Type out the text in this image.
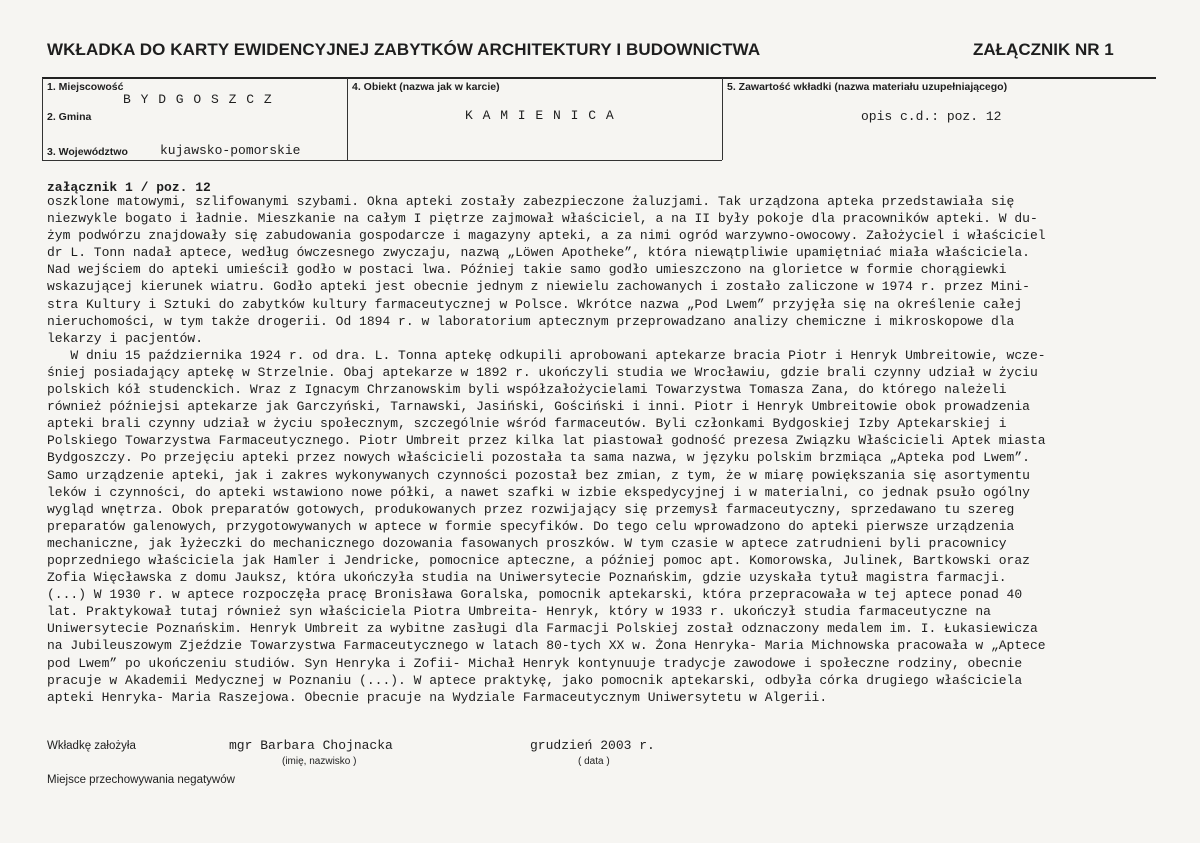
WKŁADKA DO KARTY EWIDENCYJNEJ ZABYTKÓW ARCHITEKTURY I BUDOWNICTWA	ZAŁĄCZNIK NR 1
1. Miejscowość
B Y D G O S Z C Z
2. Gmina
3. Województwo kujawsko-pomorskie
4. Obiekt (nazwa jak w karcie)
K A M I E N I C A
5. Zawartość wkładki (nazwa materiału uzupełniającego)
opis c.d.: poz. 12
załącznik 1 / poz. 12
oszklone matowymi, szlifowanymi szybami. Okna apteki zostały zabezpieczone żaluzjami. Tak urządzona apteka przedstawiała się
niezwykle bogato i ładnie. Mieszkanie na całym I piętrze zajmował właściciel, a na II były pokoje dla pracowników apteki. W du-
żym podwórzu znajdowały się zabudowania gospodarcze i magazyny apteki, a za nimi ogród warzywno-owocowy. Założyciel i właściciel
dr L. Tonn nadał aptece, według ówczesnego zwyczaju, nazwą „Löwen Apotheke”, która niewątpliwie upamiętniać miała właściciela.
Nad wejściem do apteki umieścił godło w postaci lwa. Później takie samo godło umieszczono na glorietce w formie chorągiewki
wskazującej kierunek wiatru. Godło apteki jest obecnie jednym z niewielu zachowanych i zostało zaliczone w 1974 r. przez Mini-
stra Kultury i Sztuki do zabytków kultury farmaceutycznej w Polsce. Wkrótce nazwa „Pod Lwem” przyjęła się na określenie całej
nieruchomości, w tym także drogerii. Od 1894 r. w laboratorium aptecznym przeprowadzano analizy chemiczne i mikroskopowe dla
lekarzy i pacjentów.
W dniu 15 października 1924 r. od dra. L. Tonna aptekę odkupili aprobowani aptekarze bracia Piotr i Henryk Umbreitowie, wcze-
śniej posiadający aptekę w Strzelnie. Obaj aptekarze w 1892 r. ukończyli studia we Wrocławiu, gdzie brali czynny udział w życiu
polskich kół studenckich. Wraz z Ignacym Chrzanowskim byli współzałożycielami Towarzystwa Tomasza Zana, do którego należeli
również późniejsi aptekarze jak Garczyński, Tarnawski, Jasiński, Gościński i inni. Piotr i Henryk Umbreitowie obok prowadzenia
apteki brali czynny udział w życiu społecznym, szczególnie wśród farmaceutów. Byli członkami Bydgoskiej Izby Aptekarskiej i
Polskiego Towarzystwa Farmaceutycznego. Piotr Umbreit przez kilka lat piastował godność prezesa Związku Właścicieli Aptek miasta
Bydgoszczy. Po przejęciu apteki przez nowych właścicieli pozostała ta sama nazwa, w języku polskim brzmiąca „Apteka pod Lwem”.
Samo urządzenie apteki, jak i zakres wykonywanych czynności pozostał bez zmian, z tym, że w miarę powiększania się asortymentu
leków i czynności, do apteki wstawiono nowe półki, a nawet szafki w izbie ekspedycyjnej i w materialni, co jednak psuło ogólny
wygląd wnętrza. Obok preparatów gotowych, produkowanych przez rozwijający się przemysł farmaceutyczny, sprzedawano tu szereg
preparatów galenowych, przygotowywanych w aptece w formie specyfików. Do tego celu wprowadzono do apteki pierwsze urządzenia
mechaniczne, jak łyżeczki do mechanicznego dozowania fasowanych proszków. W tym czasie w aptece zatrudnieni byli pracownicy
poprzedniego właściciela jak Hamler i Jendricke, pomocnice apteczne, a później pomoc apt. Komorowska, Julinek, Bartkowski oraz
Zofia Więcławska z domu Jauksz, która ukończyła studia na Uniwersytecie Poznańskim, gdzie uzyskała tytuł magistra farmacji.
(...) W 1930 r. w aptece rozpoczęła pracę Bronisława Goralska, pomocnik aptekarski, która przepracowała w tej aptece ponad 40
lat. Praktykował tutaj również syn właściciela Piotra Umbreita- Henryk, który w 1933 r. ukończył studia farmaceutyczne na
Uniwersytecie Poznańskim. Henryk Umbreit za wybitne zasługi dla Farmacji Polskiej został odznaczony medalem im. I. Łukasiewicza
na Jubileuszowym Zjeździe Towarzystwa Farmaceutycznego w latach 80-tych XX w. Żona Henryka- Maria Michnowska pracowała w „Aptece
pod Lwem” po ukończeniu studiów. Syn Henryka i Zofii- Michał Henryk kontynuuje tradycje zawodowe i społeczne rodziny, obecnie
pracuje w Akademii Medycznej w Poznaniu (...). W aptece praktykę, jako pomocnik aptekarski, odbyła córka drugiego właściciela
apteki Henryka- Maria Raszejowa. Obecnie pracuje na Wydziale Farmaceutycznym Uniwersytetu w Algerii.
Wkładkę założyła	mgr Barbara Chojnacka
(imię, nazwisko )
grudzień 2003 r.
( data )
Miejsce przechowywania negatywów
